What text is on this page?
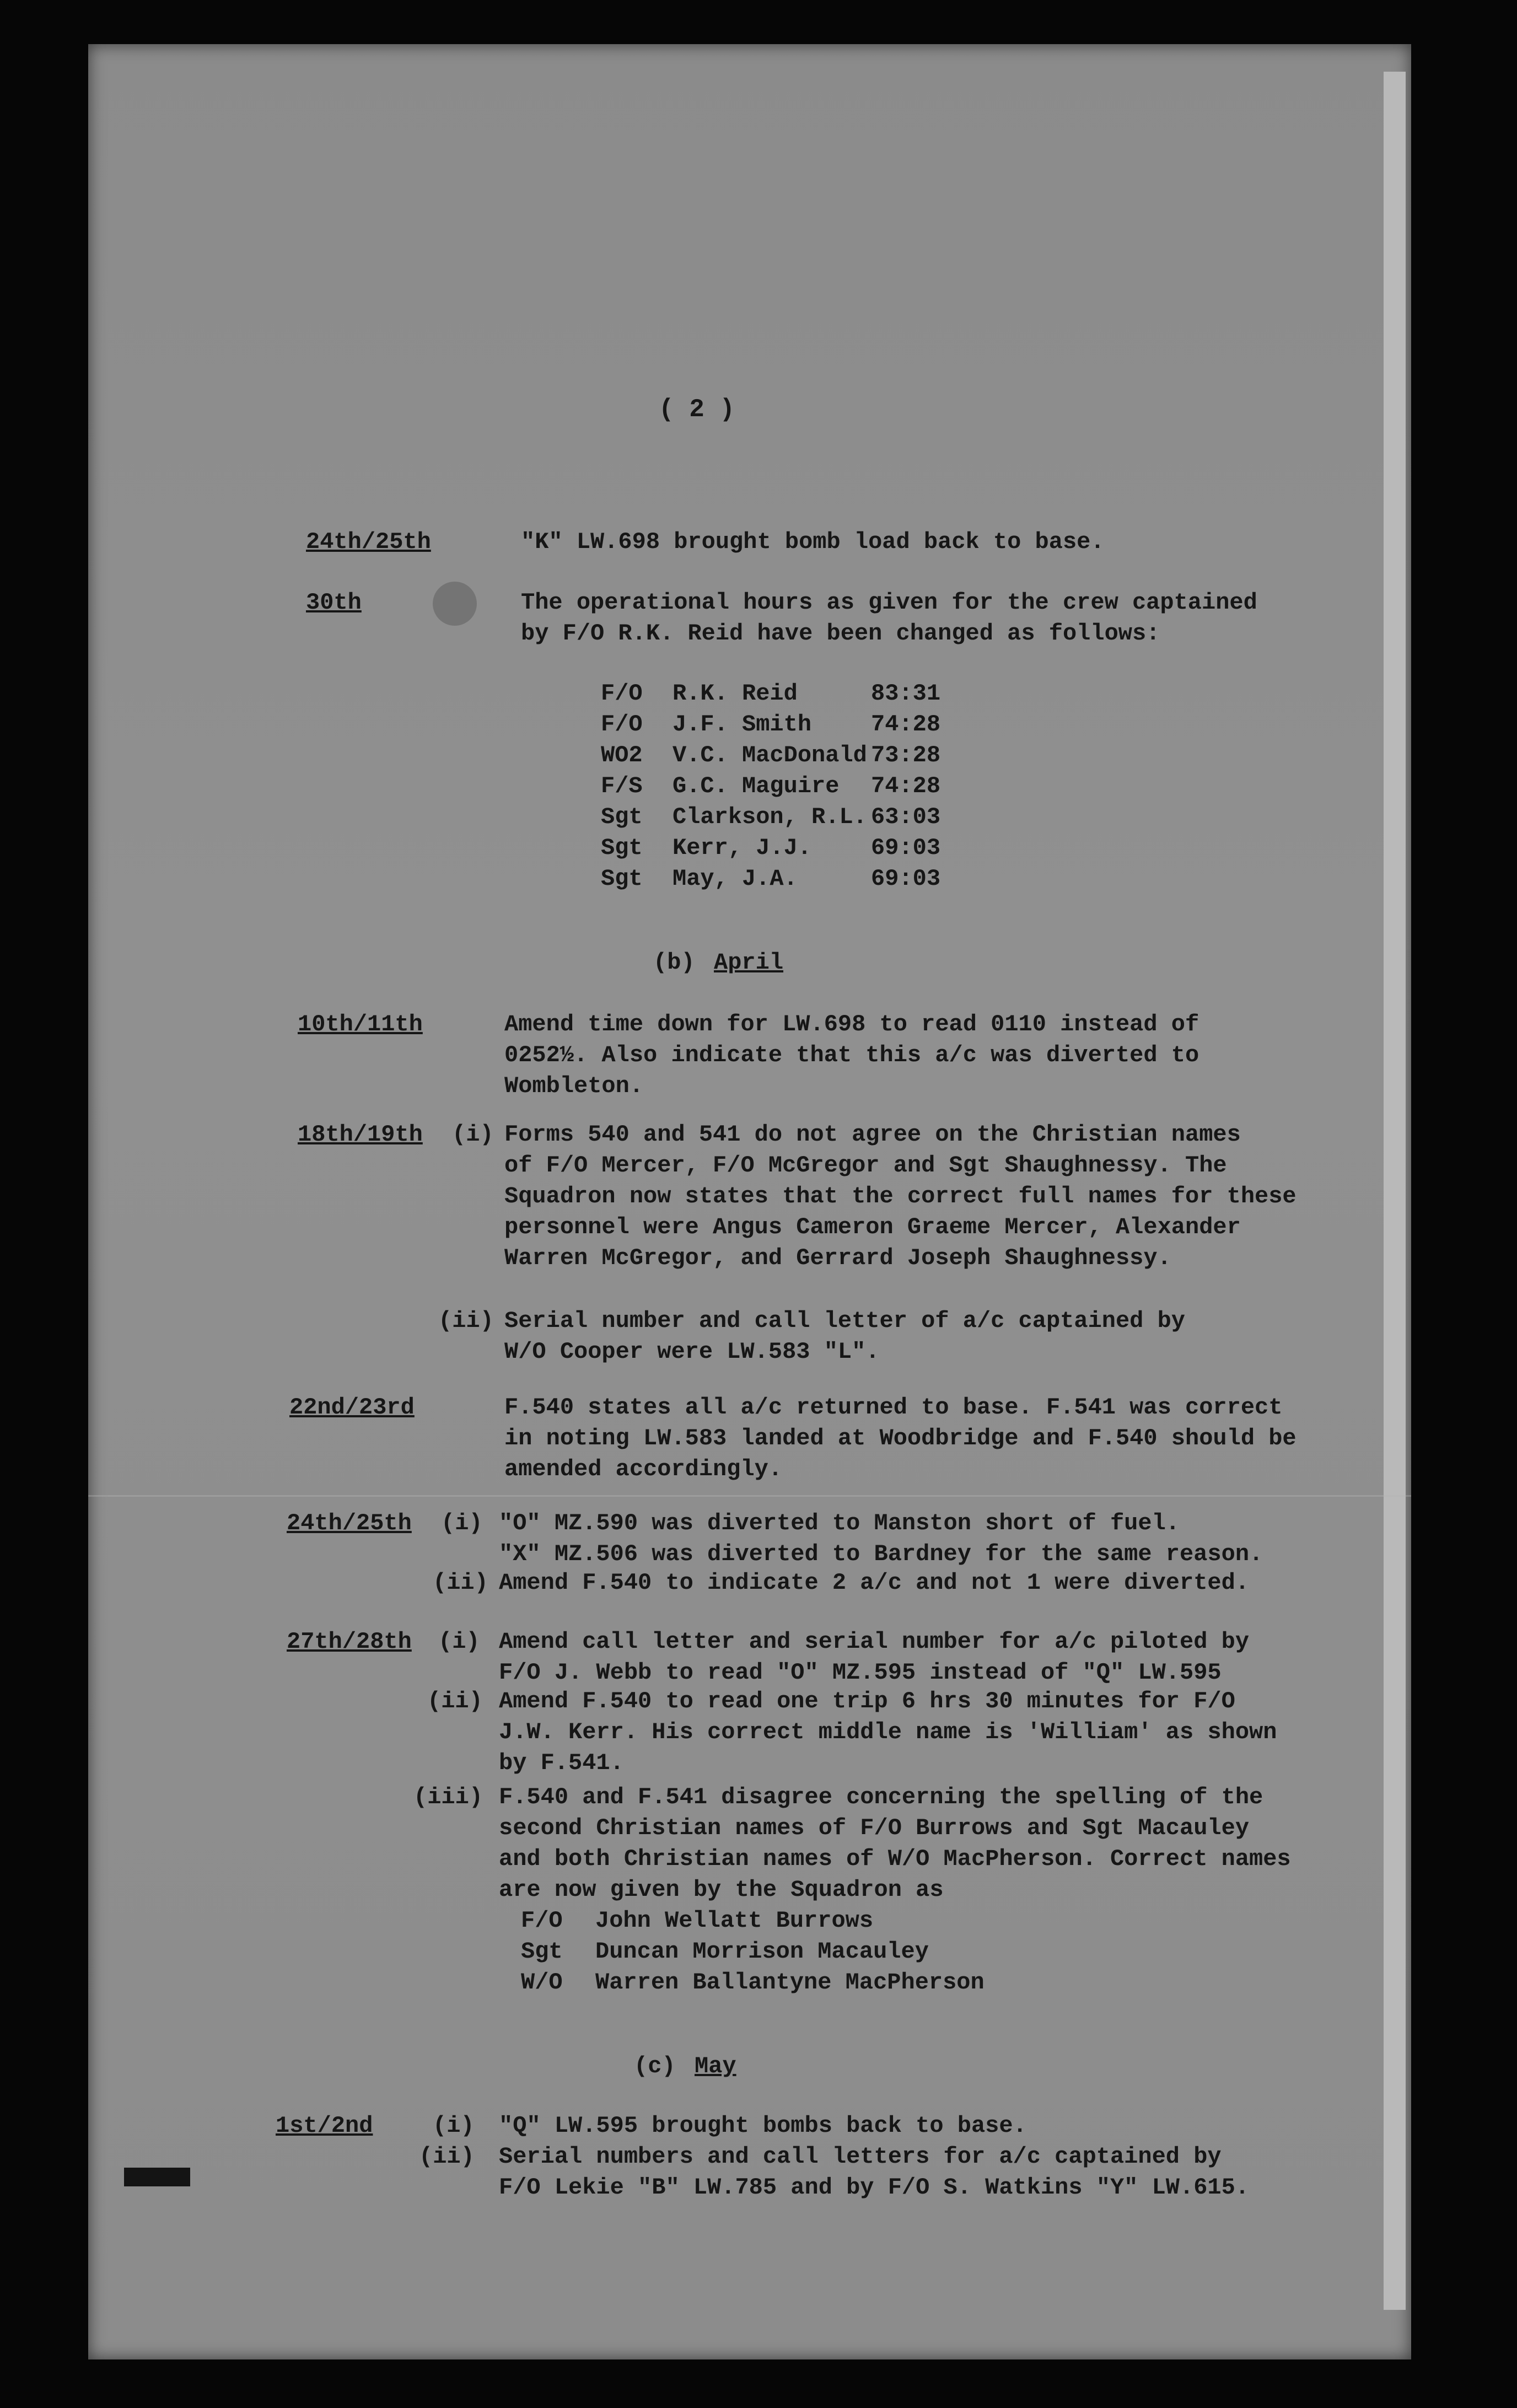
( 2 )
24th/25th	"K" LW.698 brought bomb load back to base.
30th	The operational hours as given for the crew captained
by F/O R.K. Reid have been changed as follows:
F/O R.K. Reid	83:31
F/O J.F. Smith	74:28
WO2 V.C. MacDonald 73:28
F/S G.C. Maguire 74:28
Sgt Clarkson, R.L. 63:03
Sgt Kerr, J.J.	69:03
Sgt May, J.A.	69:03
(b) April
10th/11th	Amend time down for LW.698 to read 0110 instead of
0252½. Also indicate that this a/c was diverted to
Wombleton.
18th/19th (i) Forms 540 and 541 do not agree on the Christian names
of F/O Mercer, F/O McGregor and Sgt Shaughnessy. The
Squadron now states that the correct full names for these
personnel were Angus Cameron Graeme Mercer, Alexander
Warren McGregor, and Gerrard Joseph Shaughnessy.
(ii) Serial number and call letter of a/c captained by
W/O Cooper were LW.583 "L".
22nd/23rd	F.540 states all a/c returned to base. F.541 was correct
in noting LW.583 landed at Woodbridge and F.540 should be
amended accordingly.
24th/25th (i) "O" MZ.590 was diverted to Manston short of fuel.
"X" MZ.506 was diverted to Bardney for the same reason.
(ii) Amend F.540 to indicate 2 a/c and not 1 were diverted.
27th/28th (i) Amend call letter and serial number for a/c piloted by
F/O J. Webb to read "O" MZ.595 instead of "Q" LW.595
(ii) Amend F.540 to read one trip 6 hrs 30 minutes for F/O
J.W. Kerr. His correct middle name is 'William' as shown
by F.541.
(iii) F.540 and F.541 disagree concerning the spelling of the
second Christian names of F/O Burrows and Sgt Macauley
and both Christian names of W/O MacPherson. Correct names
are now given by the Squadron as
F/O John Wellatt Burrows
Sgt Duncan Morrison Macauley
W/O Warren Ballantyne MacPherson
(c) May
1st/2nd	(i) "Q" LW.595 brought bombs back to base.
(ii) Serial numbers and call letters for a/c captained by
F/O Lekie "B" LW.785 and by F/O S. Watkins "Y" LW.615.
